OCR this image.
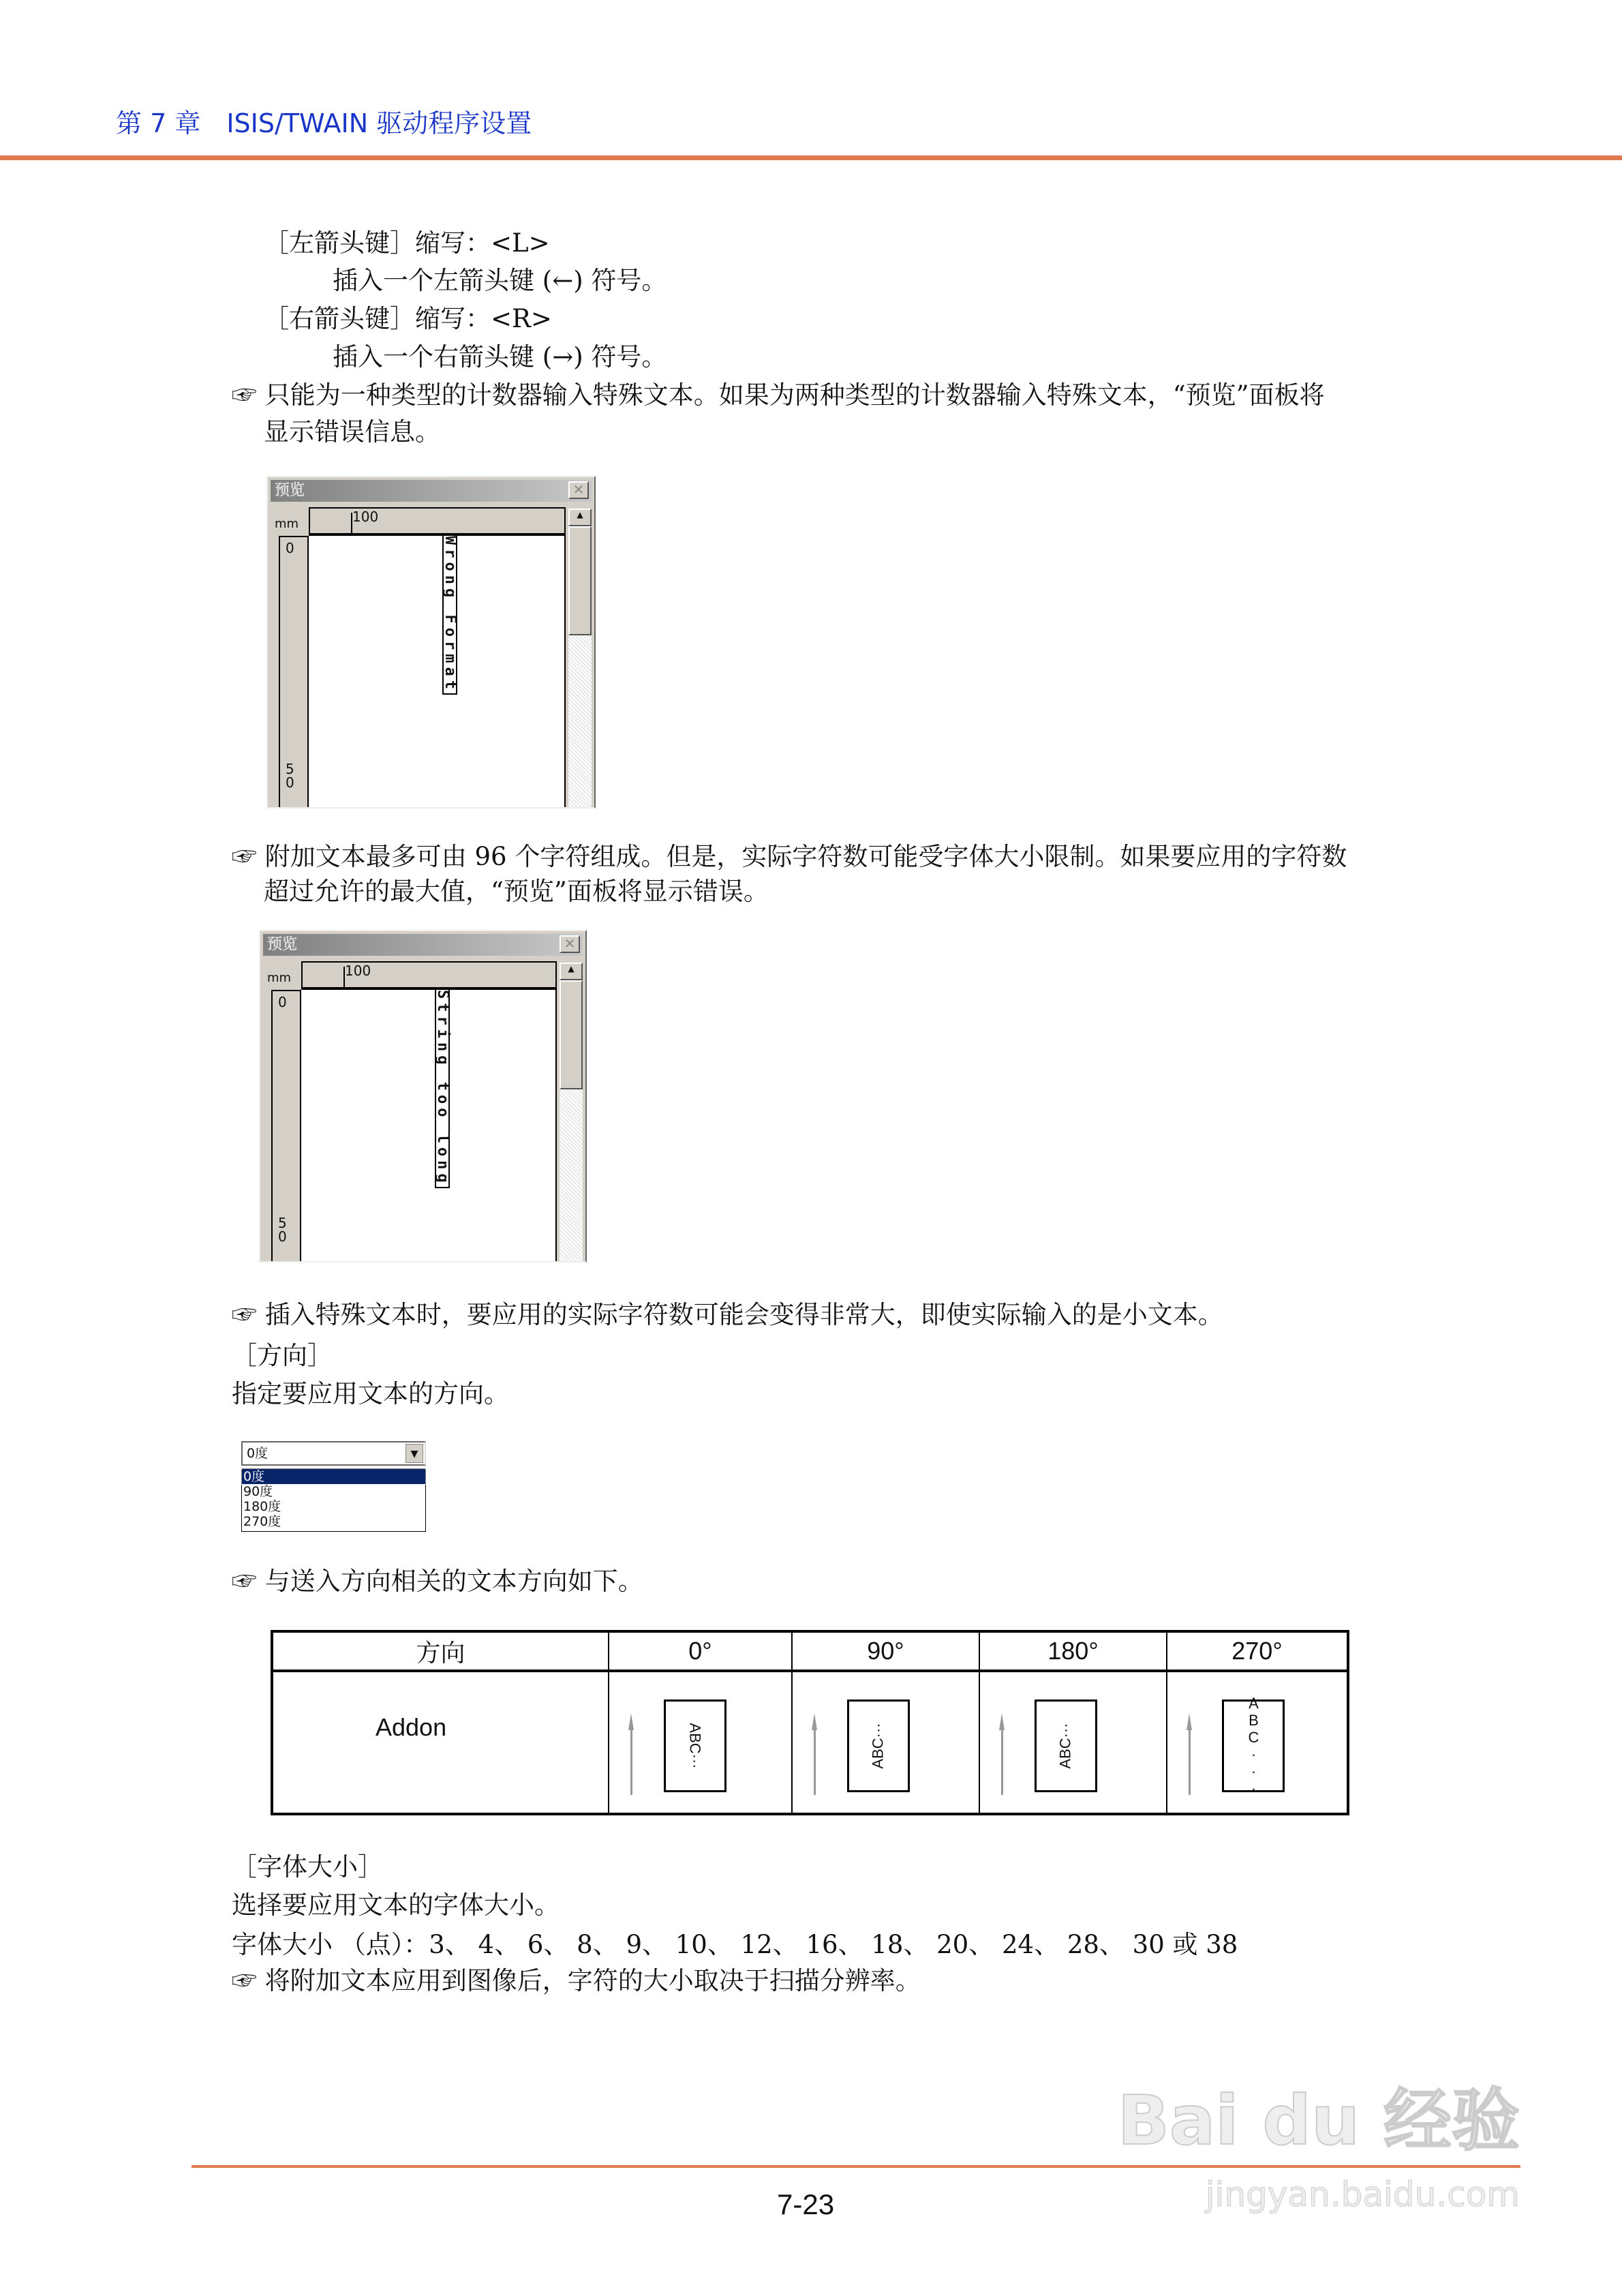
第 7 章　ISIS/TWAIN 驱动程序设置
［左箭头键］缩写：<L>
插入一个左箭头键 (←) 符号。
［右箭头键］缩写：<R>
插入一个右箭头键 (→) 符号。
☞ 只能为一种类型的计数器输入特殊文本。如果为两种类型的计数器输入特殊文本，“预览”面板将
显示错误信息。
预览	✕
mm	100
0
5
0
Wrong Format
▲
☞ 附加文本最多可由 96 个字符组成。但是，实际字符数可能受字体大小限制。如果要应用的字符数
超过允许的最大值，“预览”面板将显示错误。
预览	✕
mm	100
0
5
0
String too long
▲
☞ 插入特殊文本时，要应用的实际字符数可能会变得非常大，即使实际输入的是小文本。
［方向］
指定要应用文本的方向。
0度	▼
0度
90度
180度
270度
☞ 与送入方向相关的文本方向如下。
方向	0°	90°	180°	270°
Addon	ABC···	ABC···	ABC···	ABC···
［字体大小］
选择要应用文本的字体大小。
字体大小 （点）：3、 4、 6、 8、 9、 10、 12、 16、 18、 20、 24、 28、 30 或 38
☞ 将附加文本应用到图像后，字符的大小取决于扫描分辨率。
Bai du 经验
jingyan.baidu.com
7-23
